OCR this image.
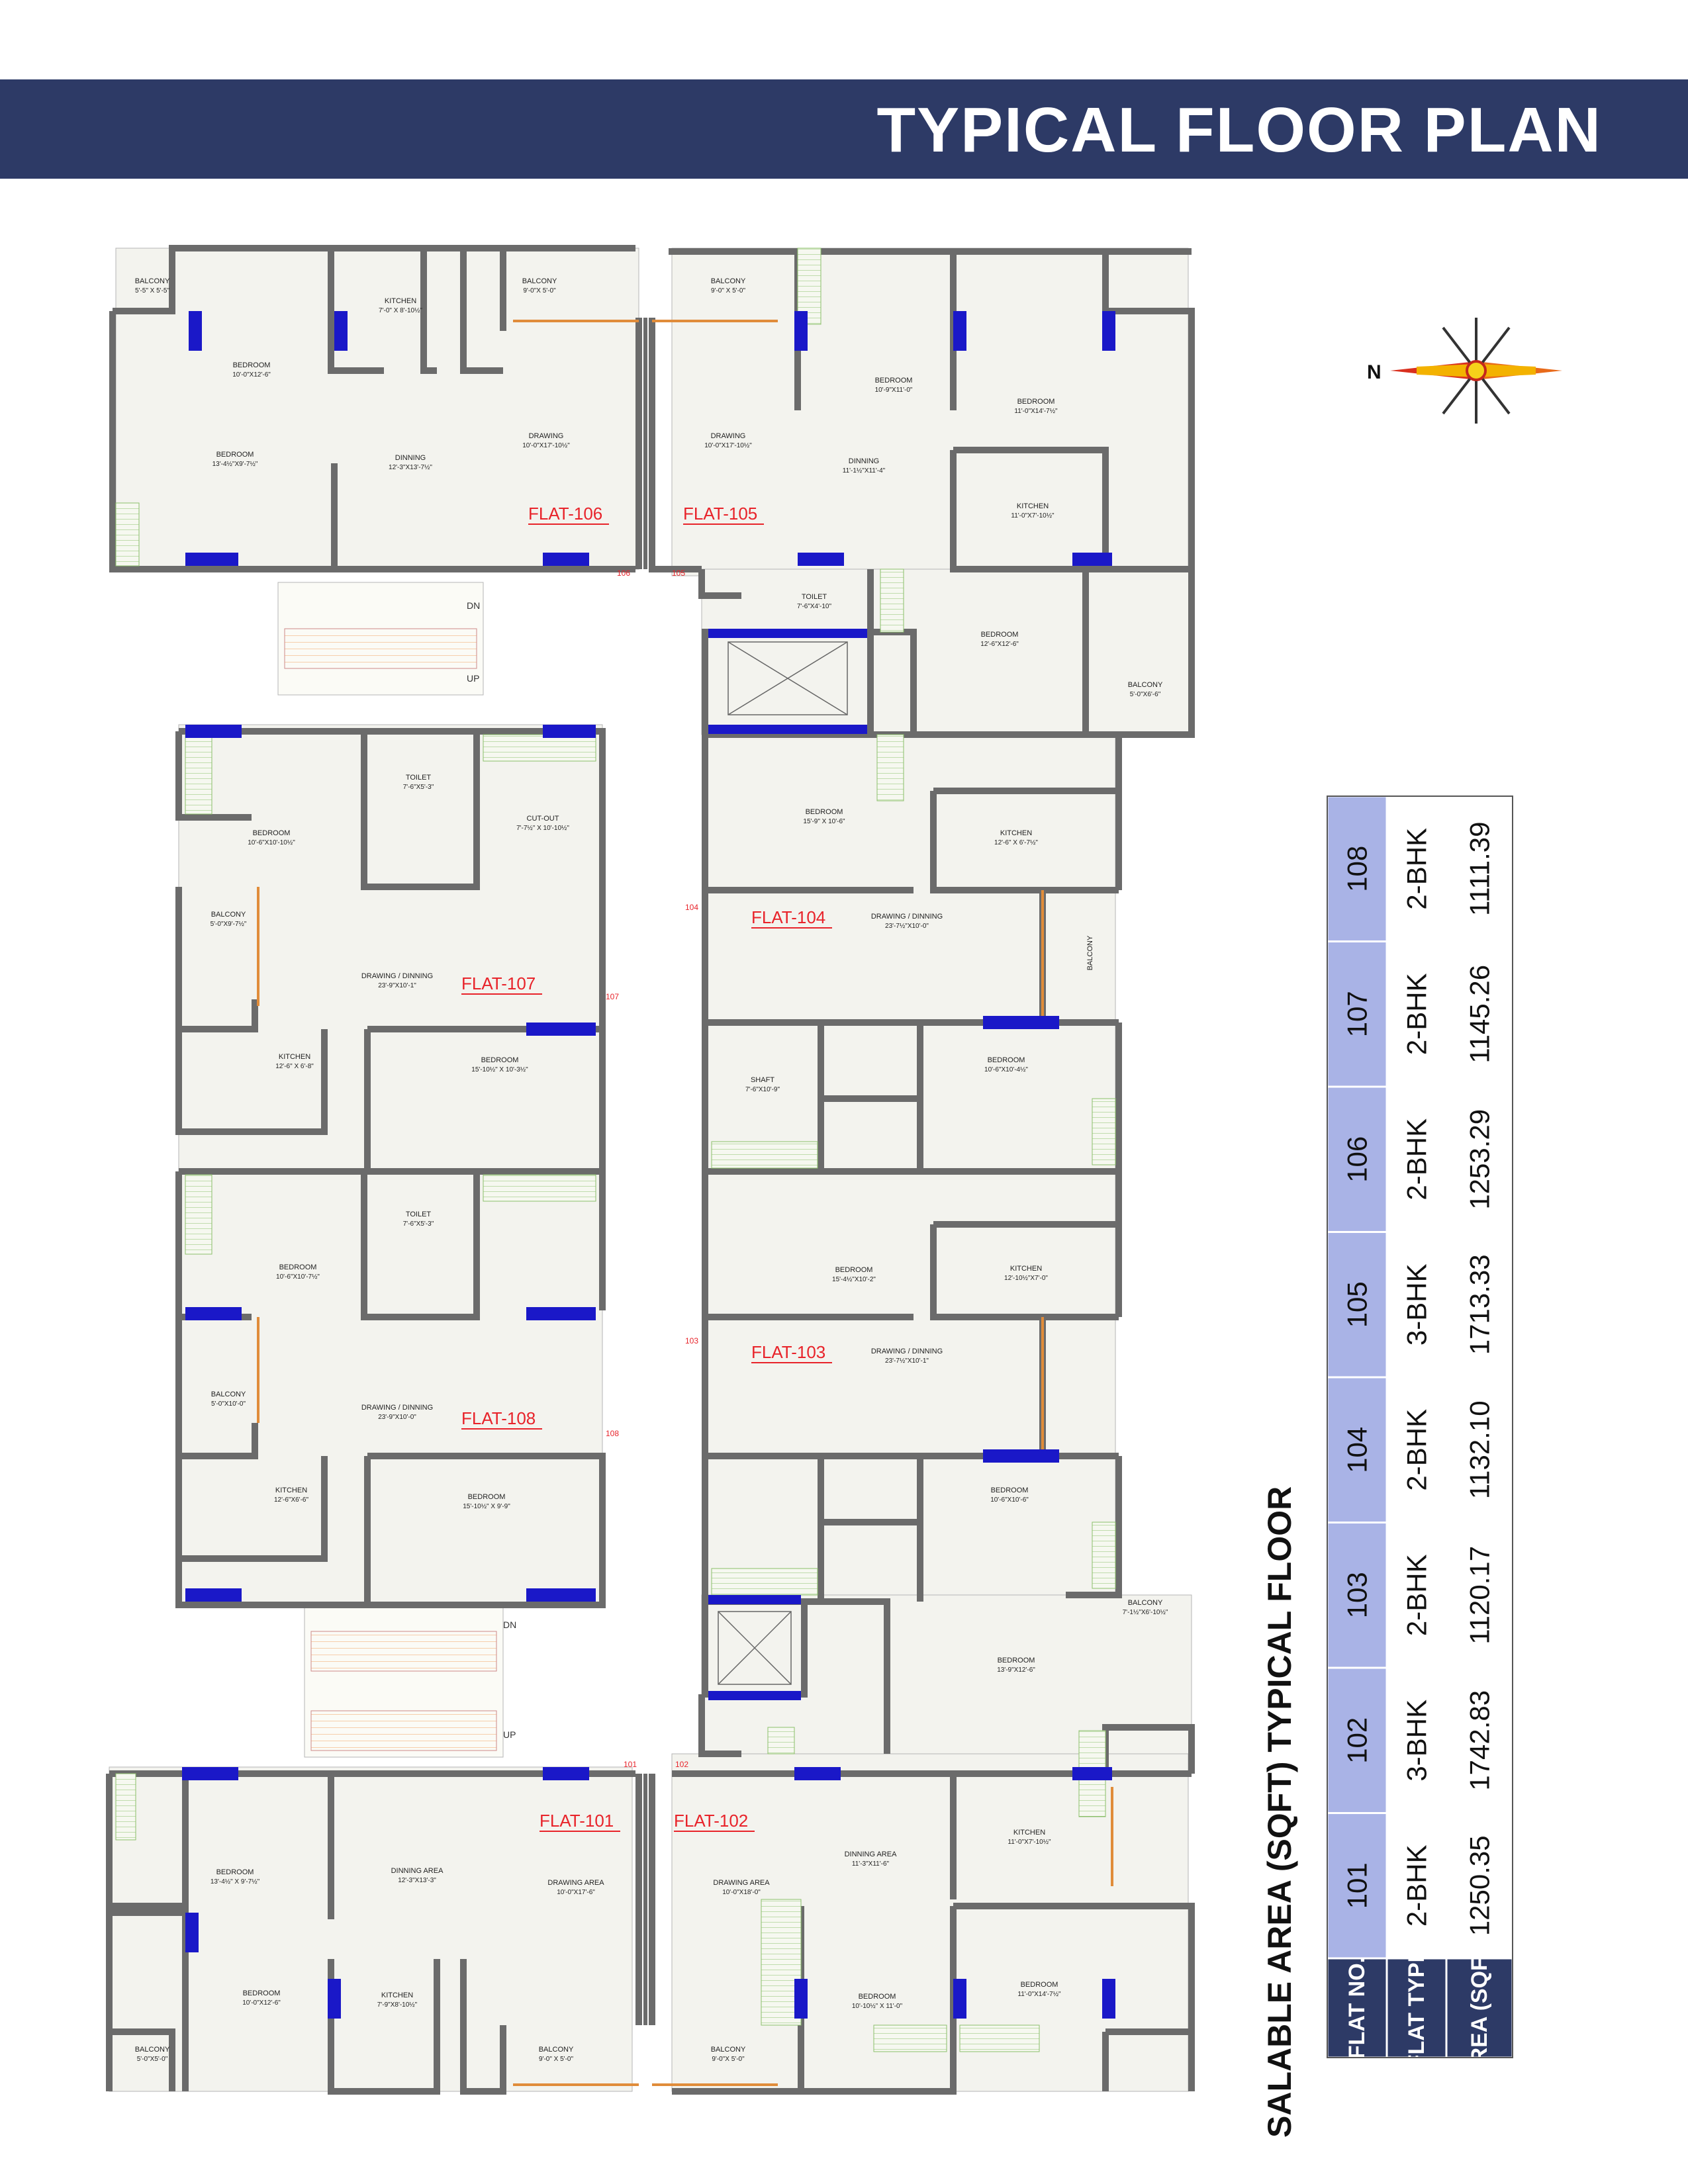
TYPICAL FLOOR PLAN
DN
UP
DN
UP
N
FLAT-106	FLAT-105
FLAT-104
FLAT-107
FLAT-103
FLAT-108
FLAT-101	FLAT-102
106	105
104
107
103
108
101	102
BALCONY
5'-5" X 5'-5"
BEDROOM
10'-0"X12'-6"
KITCHEN
7'-0" X 8'-10½"
BALCONY
9'-0"X 5'-0"
DRAWING
10'-0"X17'-10½"
DINNING
12'-3"X13'-7½"
BEDROOM
13'-4½"X9'-7½"
BALCONY
9'-0" X 5'-0"
DRAWING
10'-0"X17'-10½"
BEDROOM
10'-9"X11'-0"
BEDROOM
11'-0"X14'-7½"
DINNING
11'-1½"X11'-4"
KITCHEN
11'-0"X7'-10½"
BEDROOM
12'-6"X12'-6"
BALCONY
5'-0"X6'-6"
TOILET
7'-6"X4'-10"
BEDROOM
10'-6"X10'-10½"
TOILET
7'-6"X5'-3"
CUT-OUT
7'-7½" X 10'-10½"
BALCONY
5'-0"X9'-7½"
DRAWING / DINNING
23'-9"X10'-1"
KITCHEN
12'-6" X 6'-8"
BEDROOM
15'-10½" X 10'-3½"
BEDROOM
10'-6"X10'-7½"
TOILET
7'-6"X5'-3"
BALCONY
5'-0"X10'-0"	DRAWING / DINNING
23'-9"X10'-0"
KITCHEN
12'-6"X6'-6"	BEDROOM
15'-10½" X 9'-9"
BEDROOM
15'-9" X 10'-6"
KITCHEN
12'-6" X 6'-7½"
DRAWING / DINNING
23'-7½"X10'-0"
SHAFT
7'-6"X10'-9"
BEDROOM
10'-6"X10'-4½"
BALCONY
BEDROOM
15'-4½"X10'-2"
KITCHEN
12'-10½"X7'-0"
DRAWING / DINNING
23'-7½"X10'-1"
BEDROOM
10'-6"X10'-6"
BEDROOM
13'-9"X12'-6"
BALCONY
7'-1½"X6'-10½"
KITCHEN
11'-0"X7'-10½"
DINNING AREA
11'-3"X11'-6"
DRAWING AREA
10'-0"X18'-0"
BEDROOM
10'-10½" X 11'-0"
BEDROOM
11'-0"X14'-7½"
BALCONY
9'-0"X 5'-0"
BEDROOM
13'-4½" X 9'-7½"
DINNING AREA
12'-3"X13'-3"	DRAWING AREA
10'-0"X17'-6"
BEDROOM
10'-0"X12'-6"
KITCHEN
7'-9"X8'-10½"
BALCONY
9'-0" X 5'-0"
BALCONY
5'-0"X5'-0"
108 2-BHK 1111.39
107 2-BHK 1145.26
106 2-BHK 1253.29
105 3-BHK 1713.33
104 2-BHK 1132.10
103 2-BHK 1120.17
102 3-BHK 1742.83
101 2-BHK 1250.35
FLAT NO. FLAT TYPE AREA (SQFT)
SALABLE AREA (SQFT) TYPICAL FLOOR
